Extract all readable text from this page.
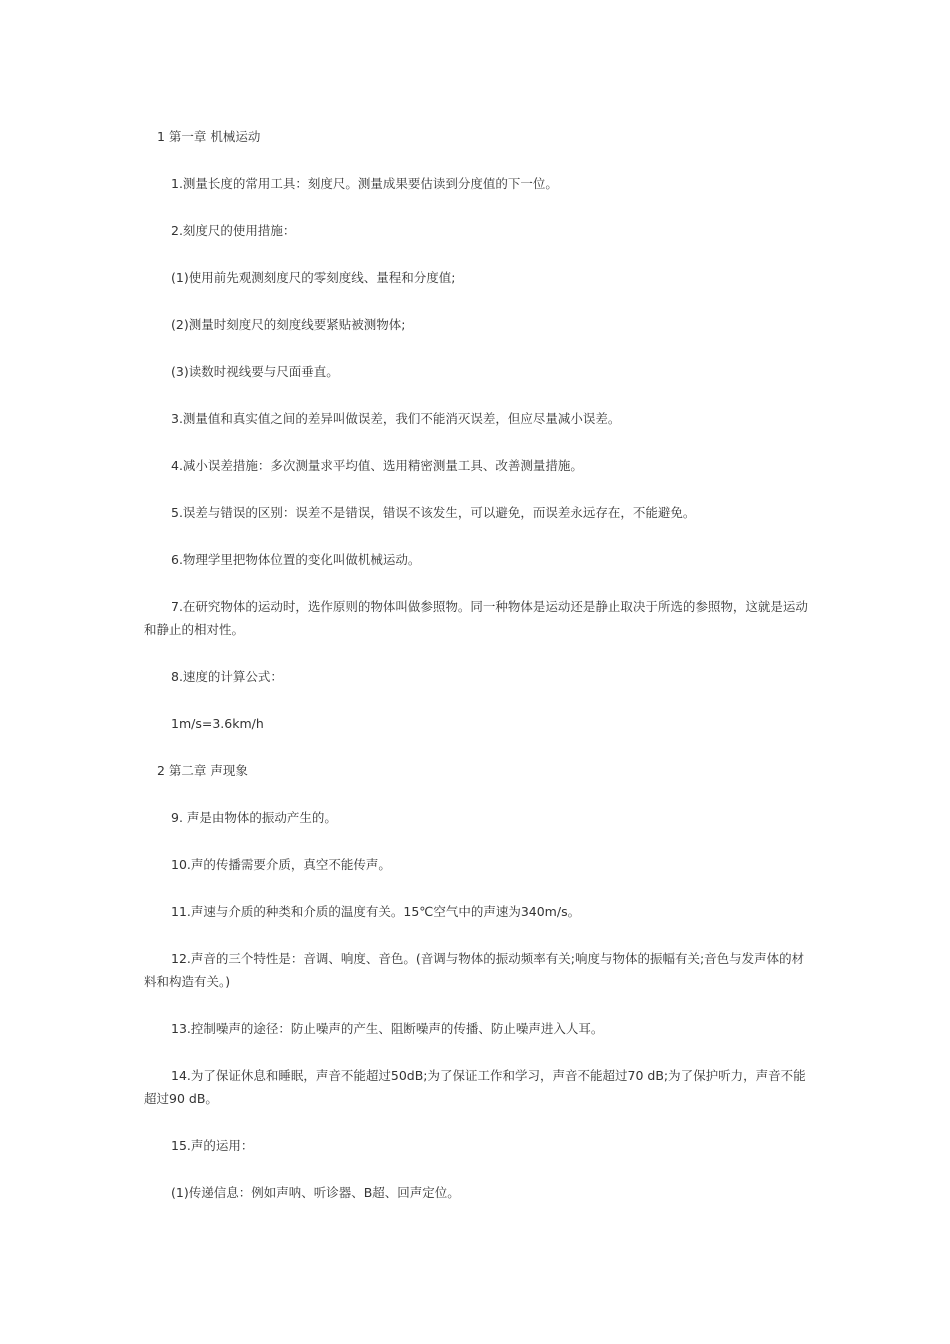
1 第一章 机械运动

1.测量长度的常用工具：刻度尺。测量成果要估读到分度值的下一位。

2.刻度尺的使用措施：

(1)使用前先观测刻度尺的零刻度线、量程和分度值;

(2)测量时刻度尺的刻度线要紧贴被测物体;

(3)读数时视线要与尺面垂直。

3.测量值和真实值之间的差异叫做误差，我们不能消灭误差，但应尽量减小误差。

4.减小误差措施：多次测量求平均值、选用精密测量工具、改善测量措施。

5.误差与错误的区别：误差不是错误，错误不该发生，可以避免，而误差永远存在，不能避免。

6.物理学里把物体位置的变化叫做机械运动。

7.在研究物体的运动时，选作原则的物体叫做参照物。同一种物体是运动还是静止取决于所选的参照物，这就是运动和静止的相对性。

8.速度的计算公式：

1m/s=3.6km/h

2 第二章 声现象

9. 声是由物体的振动产生的。

10.声的传播需要介质，真空不能传声。

11.声速与介质的种类和介质的温度有关。15℃空气中的声速为340m/s。

12.声音的三个特性是：音调、响度、音色。(音调与物体的振动频率有关;响度与物体的振幅有关;音色与发声体的材料和构造有关。)

13.控制噪声的途径：防止噪声的产生、阻断噪声的传播、防止噪声进入人耳。

14.为了保证休息和睡眠，声音不能超过50dB;为了保证工作和学习，声音不能超过70 dB;为了保护听力，声音不能超过90 dB。

15.声的运用：

(1)传递信息：例如声呐、听诊器、B超、回声定位。
